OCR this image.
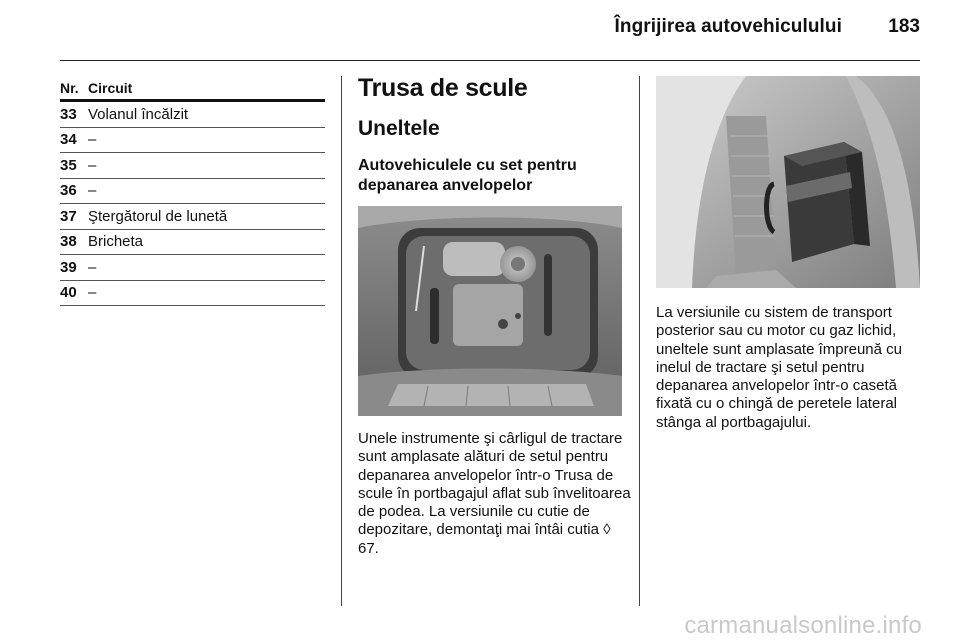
Îngrijirea autovehiculului 183
Nr. Circuit
33 Volanul încălzit
34 –
35 –
36 –
37 Ştergătorul de lunetă
38 Bricheta
39 –
40 –
Trusa de scule
Uneltele
Autovehiculele cu set pentru depanarea anvelopelor
Unele instrumente şi cârligul de tractare sunt amplasate alături de setul pentru depanarea anvelopelor într-o Trusa de scule în portbagajul aflat sub învelitoarea de podea. La versiunile cu cutie de depozitare, demontaţi mai întâi cutia ◊ 67.
La versiunile cu sistem de transport posterior sau cu motor cu gaz lichid, uneltele sunt amplasate împreună cu inelul de tractare şi setul pentru depanarea anvelopelor într-o casetă fixată cu o chingă de peretele lateral stânga al portbagajului.
carmanualsonline.info
